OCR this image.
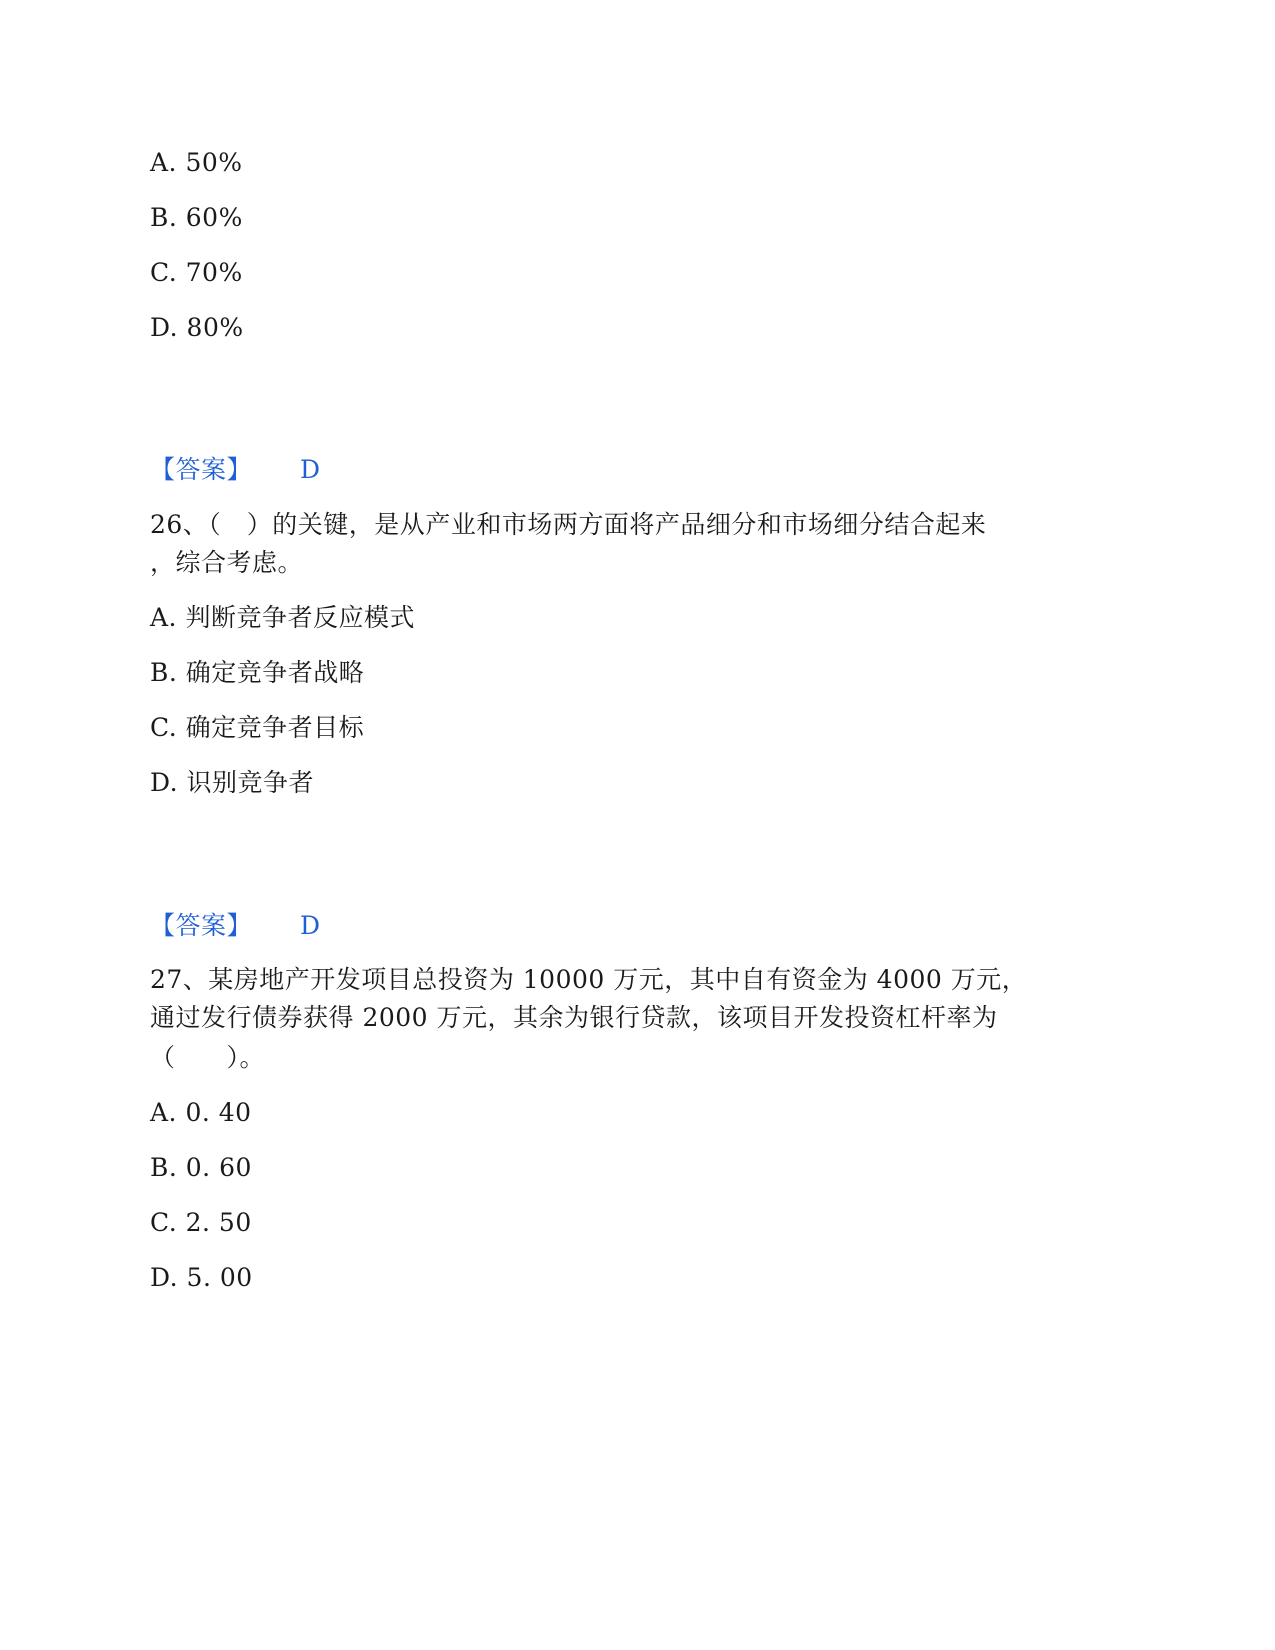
A. 50%
B. 60%
C. 70%
D. 80%
【答案】 D
26、（　）的关键，是从产业和市场两方面将产品细分和市场细分结合起来
，综合考虑。
A. 判断竞争者反应模式
B. 确定竞争者战略
C. 确定竞争者目标
D. 识别竞争者
【答案】 D
27、某房地产开发项目总投资为 10000 万元，其中自有资金为 4000 万元，
通过发行债券获得 2000 万元，其余为银行贷款，该项目开发投资杠杆率为
（　　）。
A. 0. 40
B. 0. 60
C. 2. 50
D. 5. 00
